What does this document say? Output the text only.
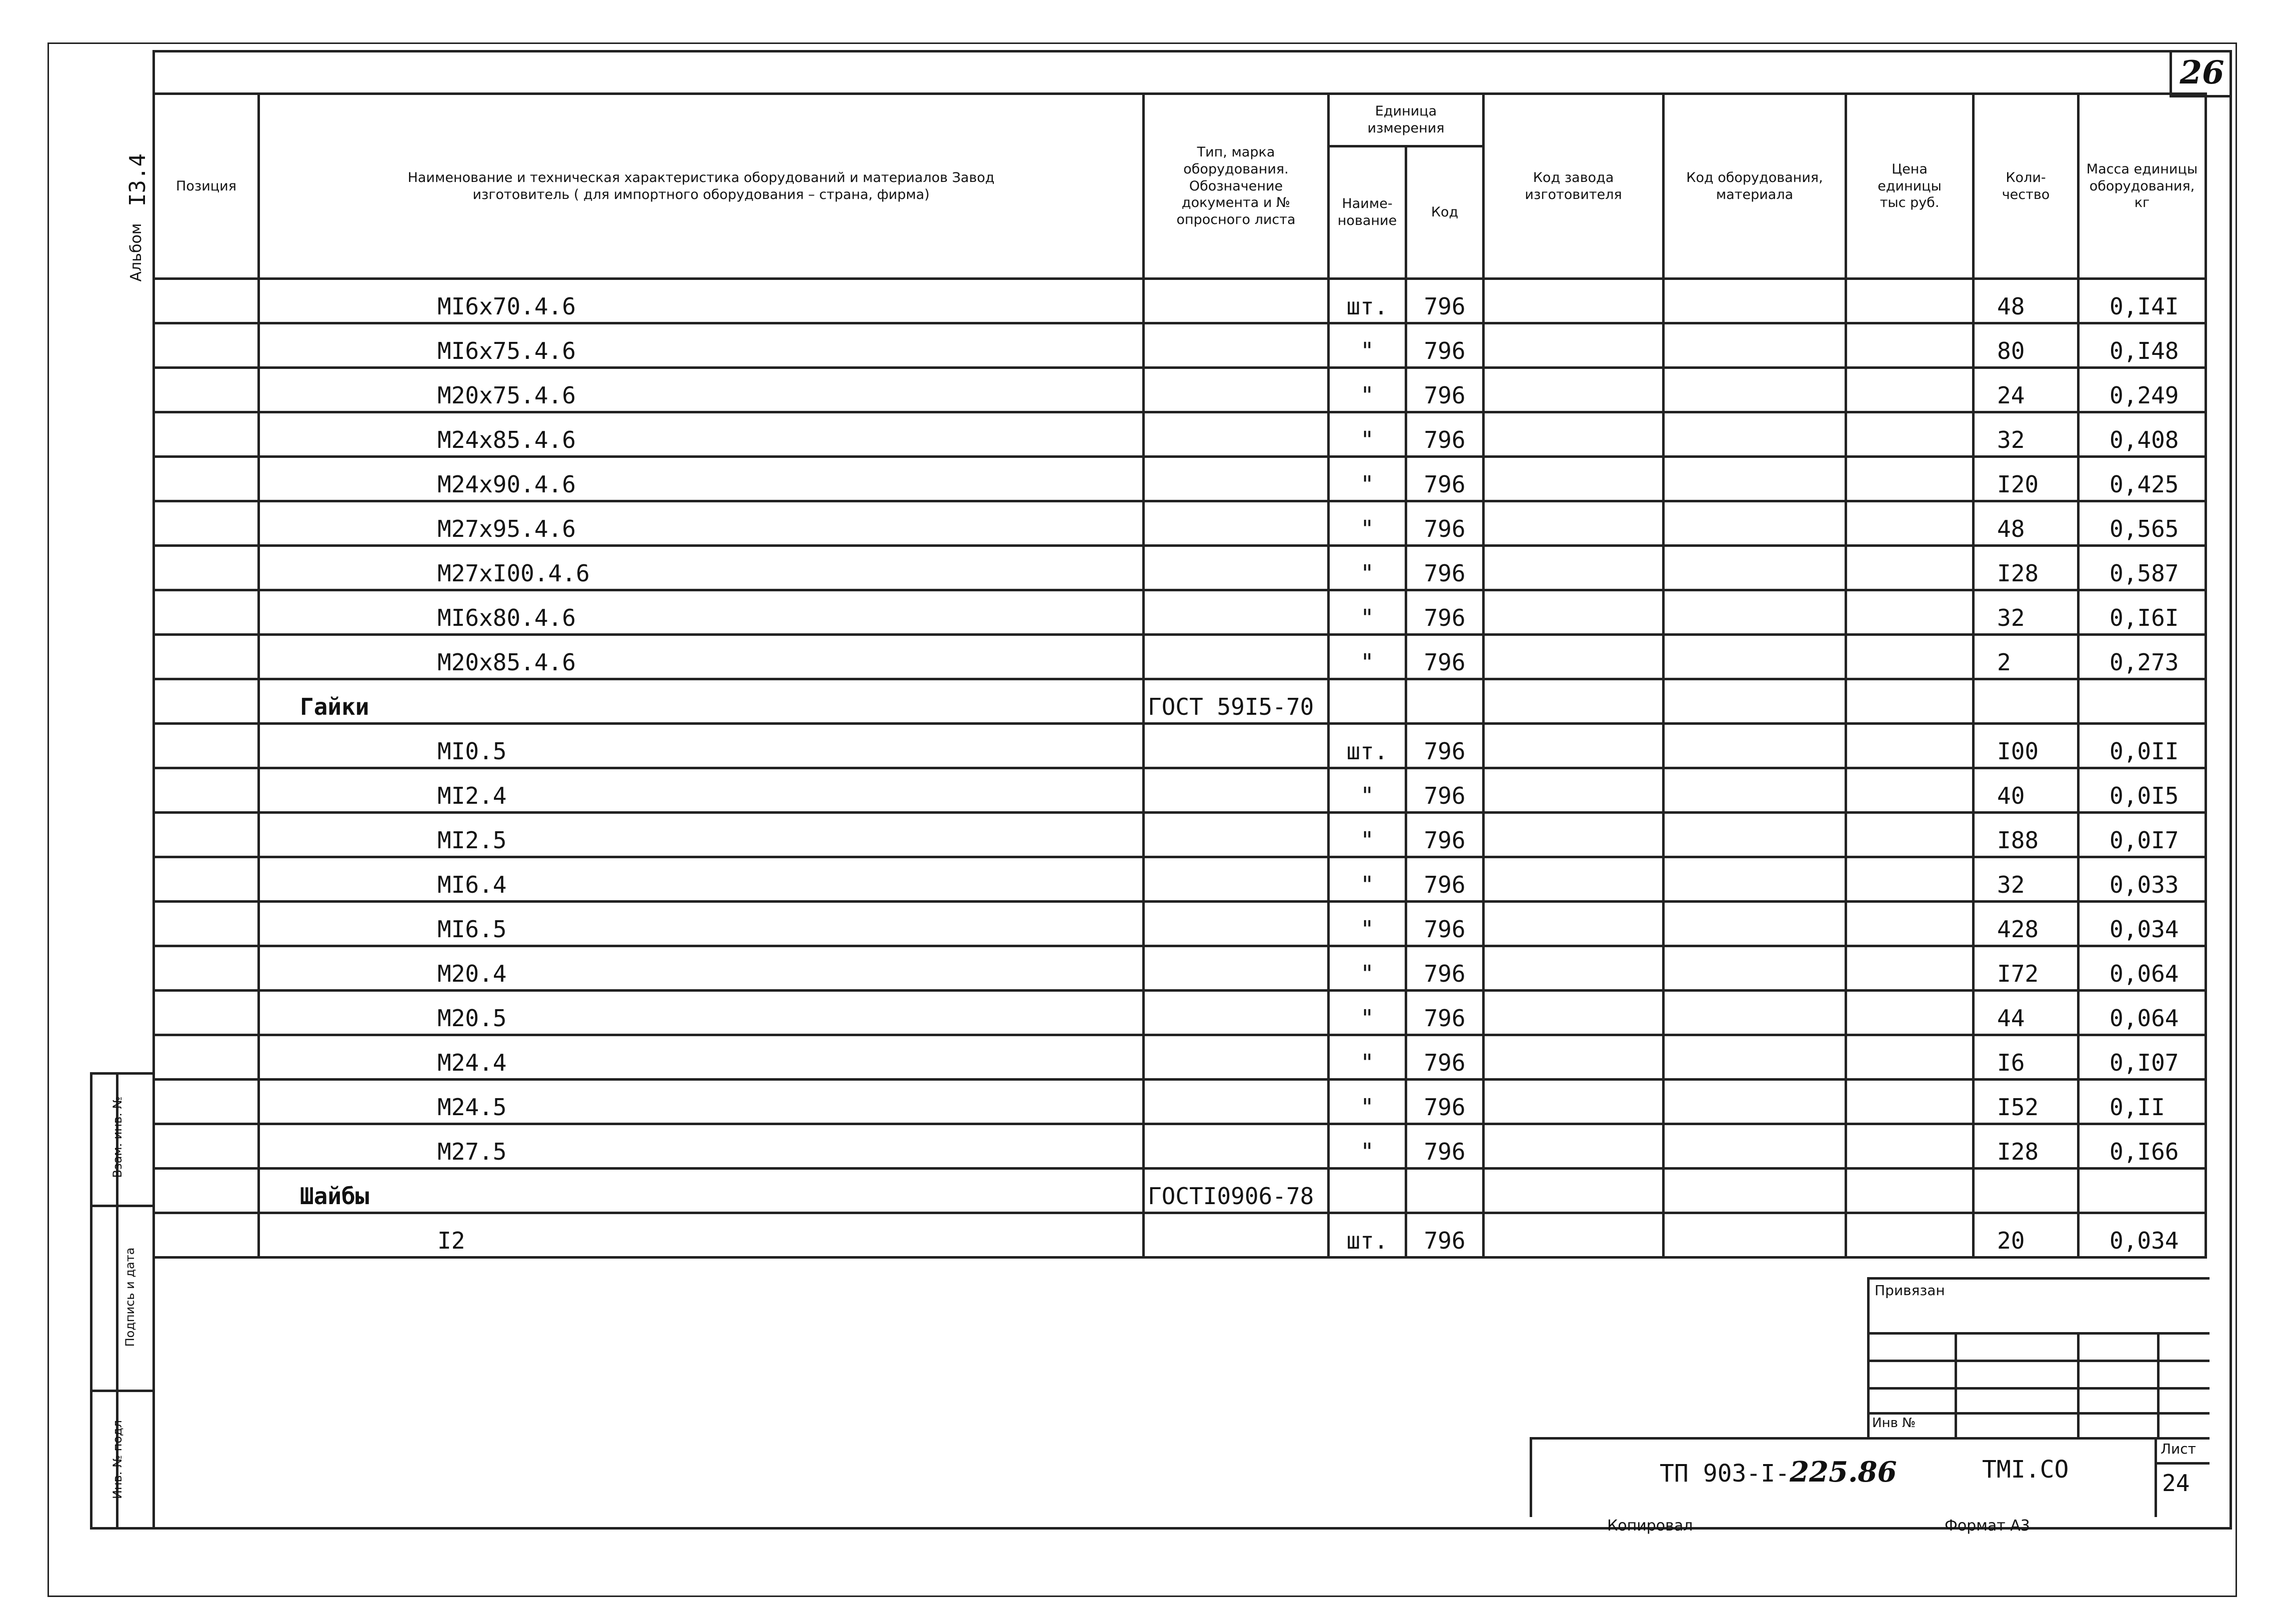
26
Альбом
I3.4
Взам. инв. №
Подпись и дата
Инв. № подл
Позиция	Наименование и техническая характеристика оборудований и материалов Завод изготовитель ( для импортного оборудования – страна, фирма)	Тип, марка оборудования. Обозначение документа и № опросного листа	Единица измерения		Код завода изготовителя	Код оборудования, материала	Цена единицы тыс руб.	Коли-чество	Масса единицы оборудования, кг
			Наиме-нование	Код					
	МI6x70.4.6		шт.	796				48	0,I4I
	МI6x75.4.6		"	796				80	0,I48
	М20x75.4.6		"	796				24	0,249
	М24x85.4.6		"	796				32	0,408
	М24x90.4.6		"	796				I20	0,425
	М27x95.4.6		"	796				48	0,565
	М27xI00.4.6		"	796				I28	0,587
	МI6x80.4.6		"	796				32	0,I6I
	М20x85.4.6		"	796				2	0,273
	Гайки	ГОСТ 59I5-70							
	МI0.5		шт.	796				I00	0,0II
	МI2.4		"	796				40	0,0I5
	МI2.5		"	796				I88	0,0I7
	МI6.4		"	796				32	0,033
	МI6.5		"	796				428	0,034
	М20.4		"	796				I72	0,064
	М20.5		"	796				44	0,064
	М24.4		"	796				I6	0,I07
	М24.5		"	796				I52	0,II
	М27.5		"	796				I28	0,I66
	Шайбы	ГОСТI0906-78							
	I2		шт.	796				20	0,034
Привязан
Инв №
ТП 903-I-225.86	ТМI.СО
Лист
24
Копировал	Формат А3
